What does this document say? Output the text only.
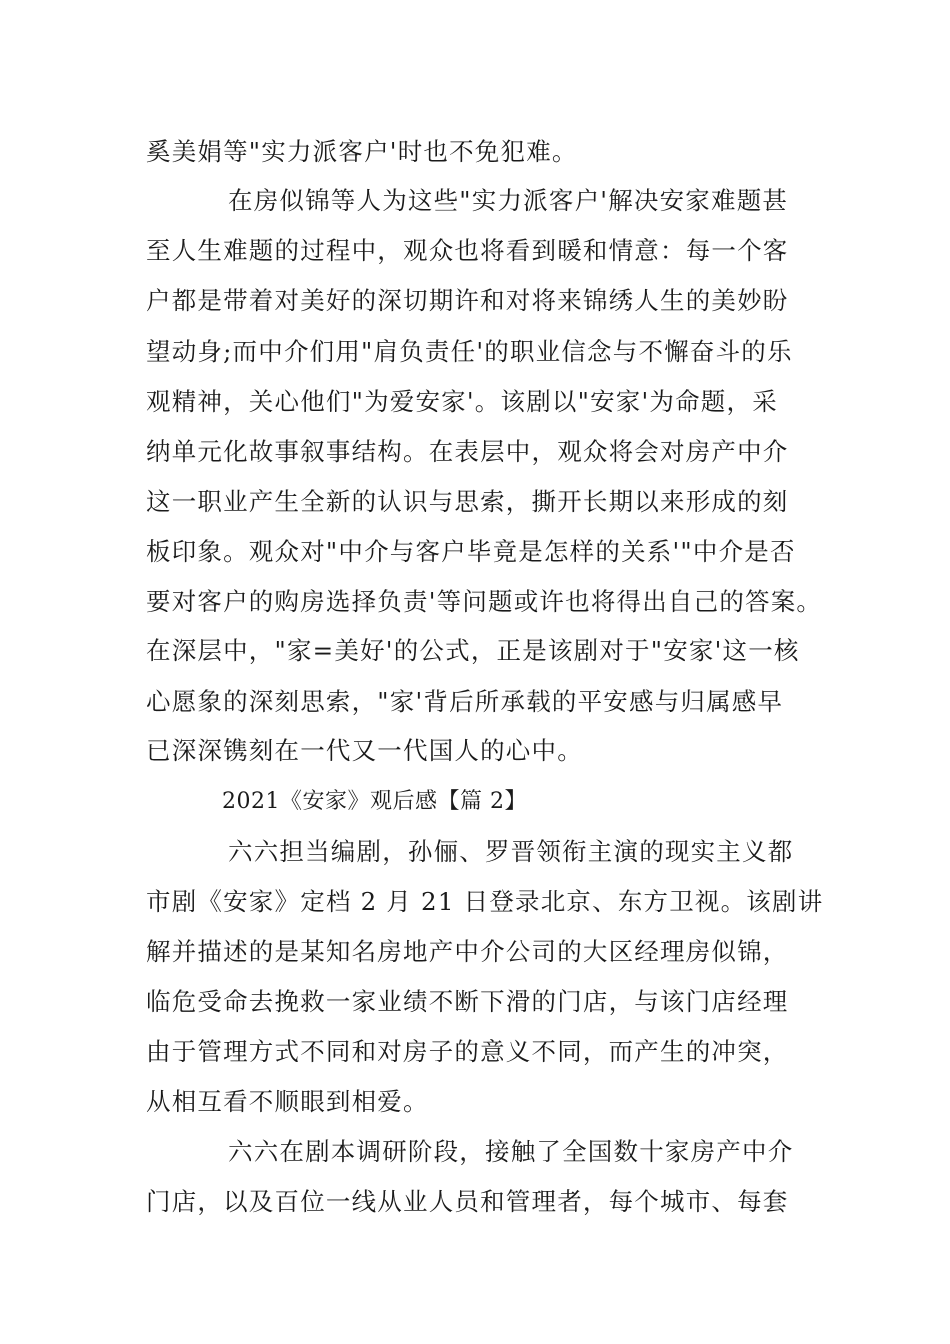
奚美娟等"实力派客户'时也不免犯难。
在房似锦等人为这些"实力派客户'解决安家难题甚
至人生难题的过程中，观众也将看到暖和情意：每一个客
户都是带着对美好的深切期许和对将来锦绣人生的美妙盼
望动身;而中介们用"肩负责任'的职业信念与不懈奋斗的乐
观精神，关心他们"为爱安家'。该剧以"安家'为命题，采
纳单元化故事叙事结构。在表层中，观众将会对房产中介
这一职业产生全新的认识与思索，撕开长期以来形成的刻
板印象。观众对"中介与客户毕竟是怎样的关系'"中介是否
要对客户的购房选择负责'等问题或许也将得出自己的答案。
在深层中，"家=美好'的公式，正是该剧对于"安家'这一核
心愿象的深刻思索，"家'背后所承载的平安感与归属感早
已深深镌刻在一代又一代国人的心中。
2021《安家》观后感【篇 2】
六六担当编剧，孙俪、罗晋领衔主演的现实主义都
市剧《安家》定档 2 月 21 日登录北京、东方卫视。该剧讲
解并描述的是某知名房地产中介公司的大区经理房似锦，
临危受命去挽救一家业绩不断下滑的门店，与该门店经理
由于管理方式不同和对房子的意义不同，而产生的冲突，
从相互看不顺眼到相爱。
六六在剧本调研阶段，接触了全国数十家房产中介
门店，以及百位一线从业人员和管理者，每个城市、每套
